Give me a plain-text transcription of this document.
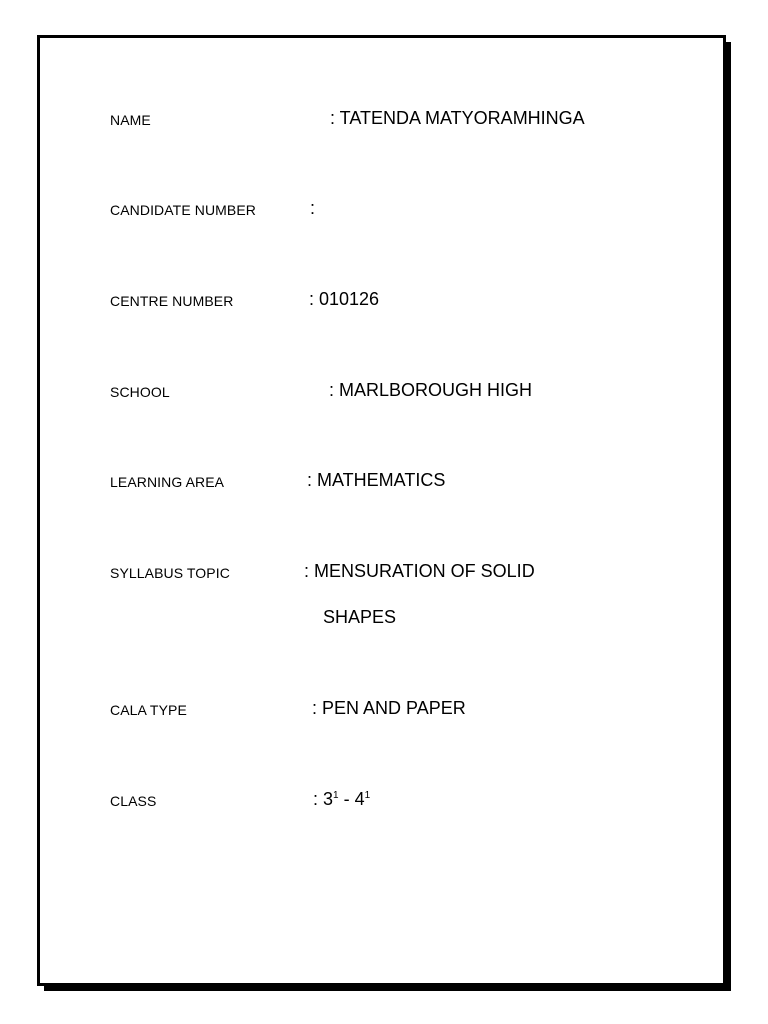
NAME	: TATENDA MATYORAMHINGA
CANDIDATE NUMBER	:
CENTRE NUMBER	: 010126
SCHOOL	: MARLBOROUGH HIGH
LEARNING AREA	: MATHEMATICS
SYLLABUS TOPIC	: MENSURATION OF SOLID
SHAPES
CALA TYPE	: PEN AND PAPER
CLASS	: $3^1 - 4^1$
